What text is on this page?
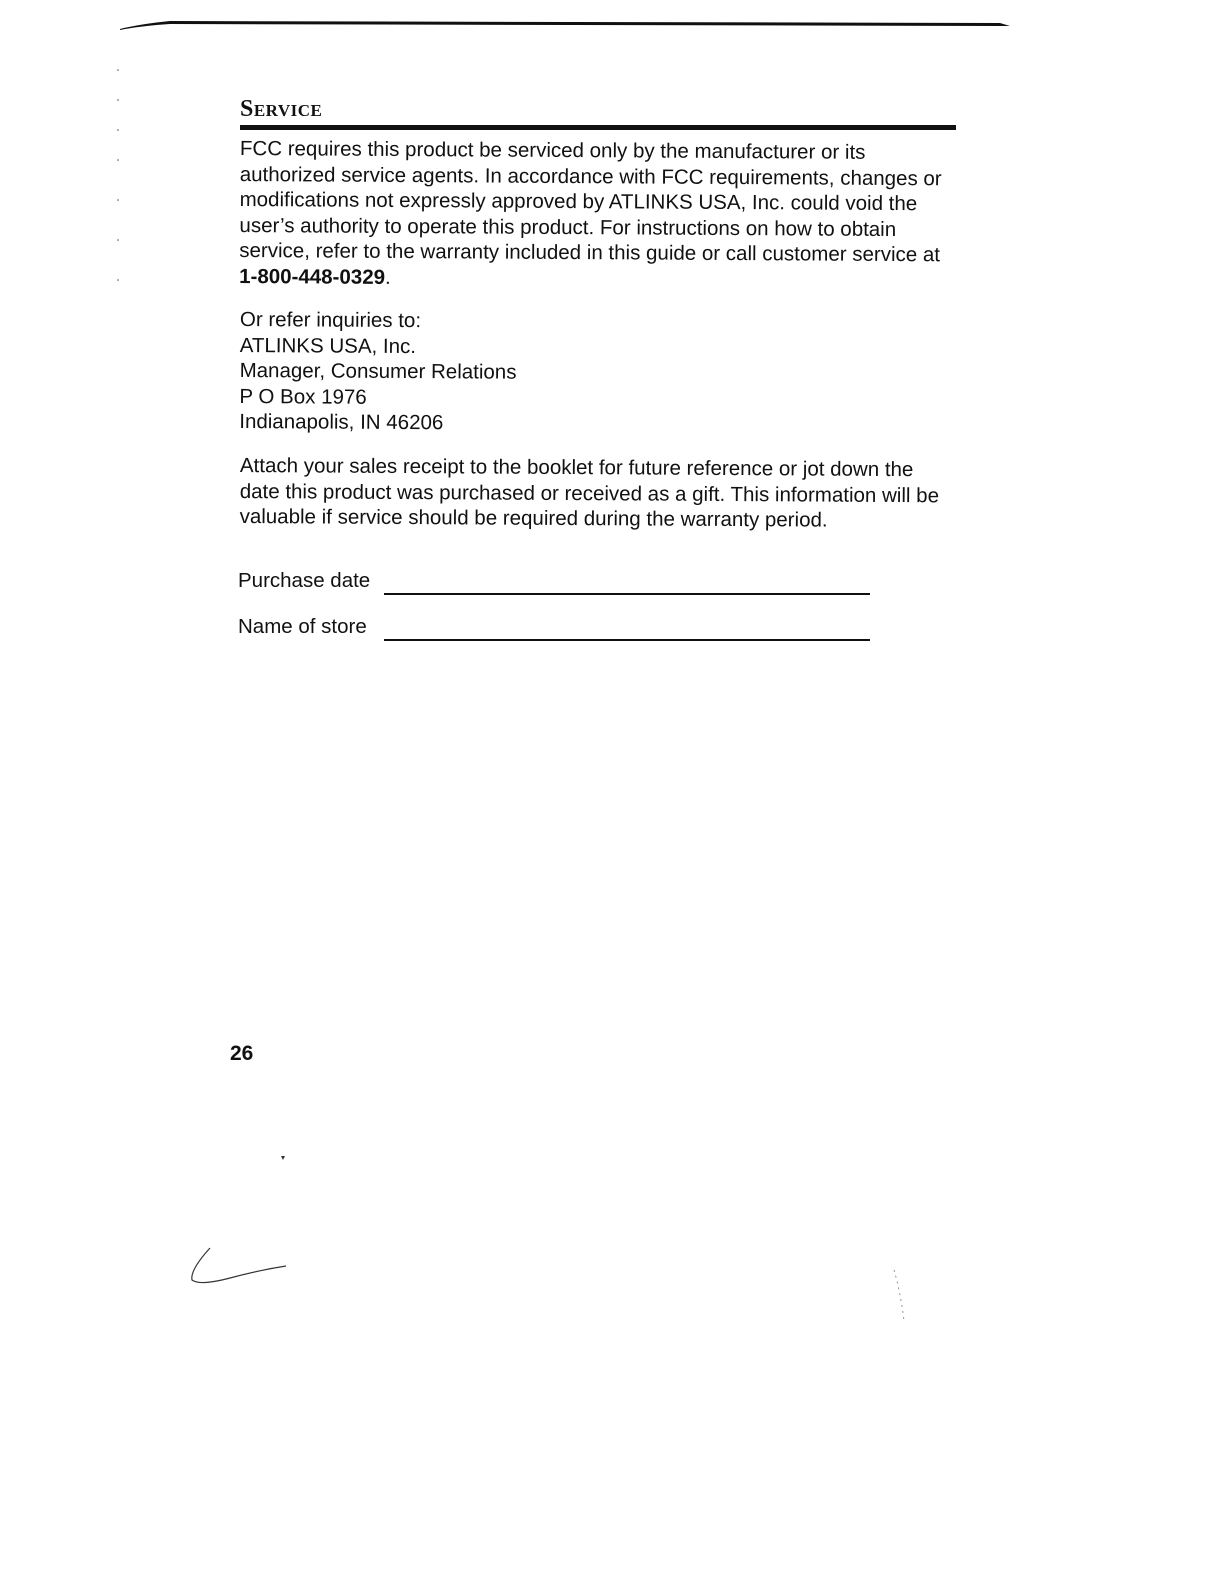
Service

FCC requires this product be serviced only by the manufacturer or its authorized service agents. In accordance with FCC requirements, changes or modifications not expressly approved by ATLINKS USA, Inc. could void the user’s authority to operate this product. For instructions on how to obtain service, refer to the warranty included in this guide or call customer service at 1-800-448-0329.

Or refer inquiries to:
ATLINKS USA, Inc.
Manager, Consumer Relations
P O Box 1976
Indianapolis, IN 46206

Attach your sales receipt to the booklet for future reference or jot down the date this product was purchased or received as a gift. This information will be valuable if service should be required during the warranty period.

Purchase date
Name of store
26
